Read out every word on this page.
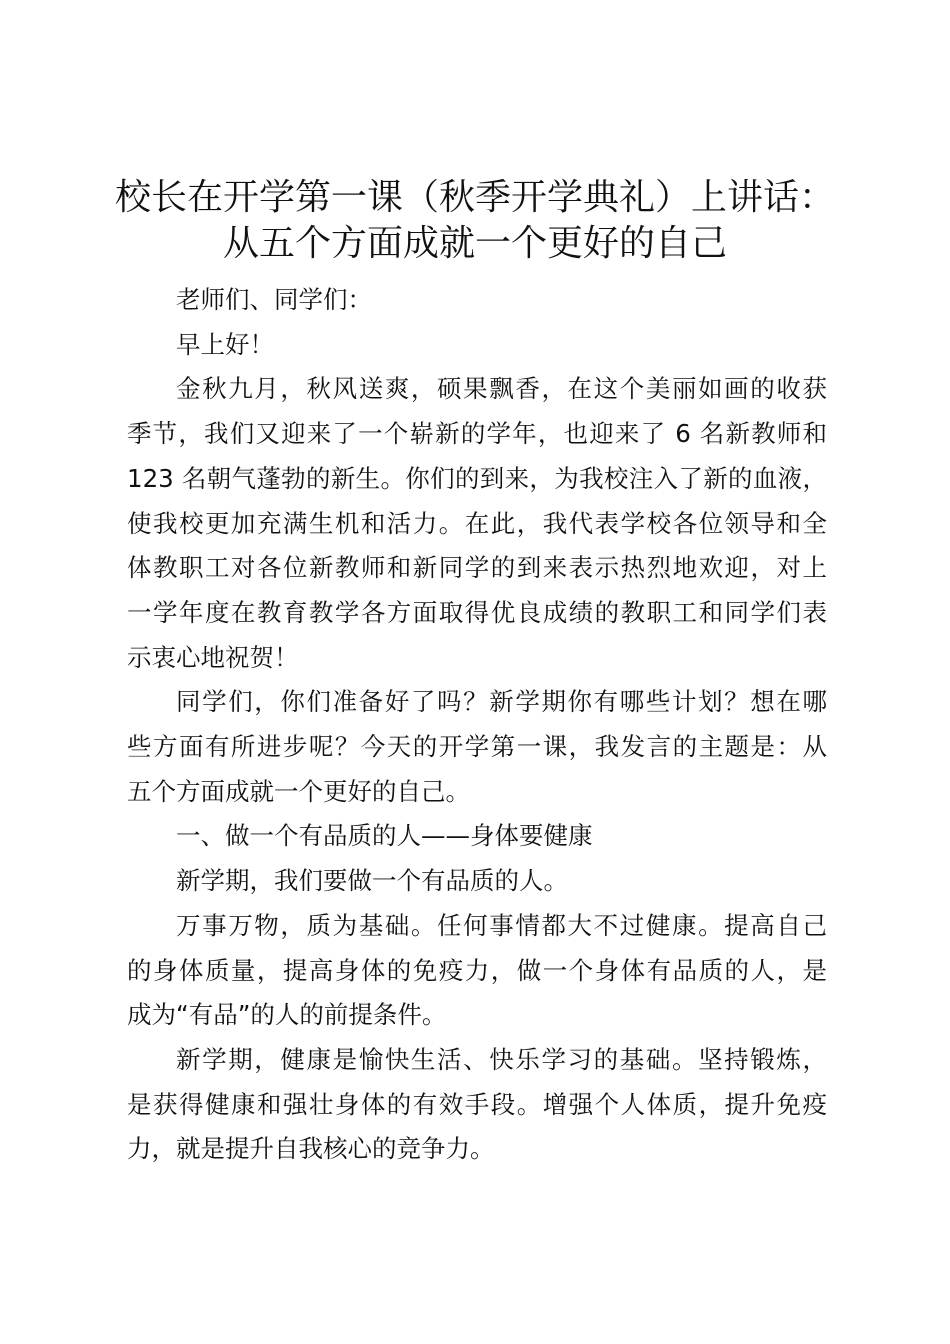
校长在开学第一课（秋季开学典礼）上讲话：
从五个方面成就一个更好的自己
老师们、同学们：
早上好！
金秋九月，秋风送爽，硕果飘香，在这个美丽如画的收获
季节，我们又迎来了一个崭新的学年，也迎来了 6 名新教师和
123 名朝气蓬勃的新生。你们的到来，为我校注入了新的血液，
使我校更加充满生机和活力。在此，我代表学校各位领导和全
体教职工对各位新教师和新同学的到来表示热烈地欢迎，对上
一学年度在教育教学各方面取得优良成绩的教职工和同学们表
示衷心地祝贺！
同学们，你们准备好了吗？新学期你有哪些计划？想在哪
些方面有所进步呢？今天的开学第一课，我发言的主题是：从
五个方面成就一个更好的自己。
一、做一个有品质的人——身体要健康
新学期，我们要做一个有品质的人。
万事万物，质为基础。任何事情都大不过健康。提高自己
的身体质量，提高身体的免疫力，做一个身体有品质的人，是
成为“有品”的人的前提条件。
新学期，健康是愉快生活、快乐学习的基础。坚持锻炼，
是获得健康和强壮身体的有效手段。增强个人体质，提升免疫
力，就是提升自我核心的竞争力。
